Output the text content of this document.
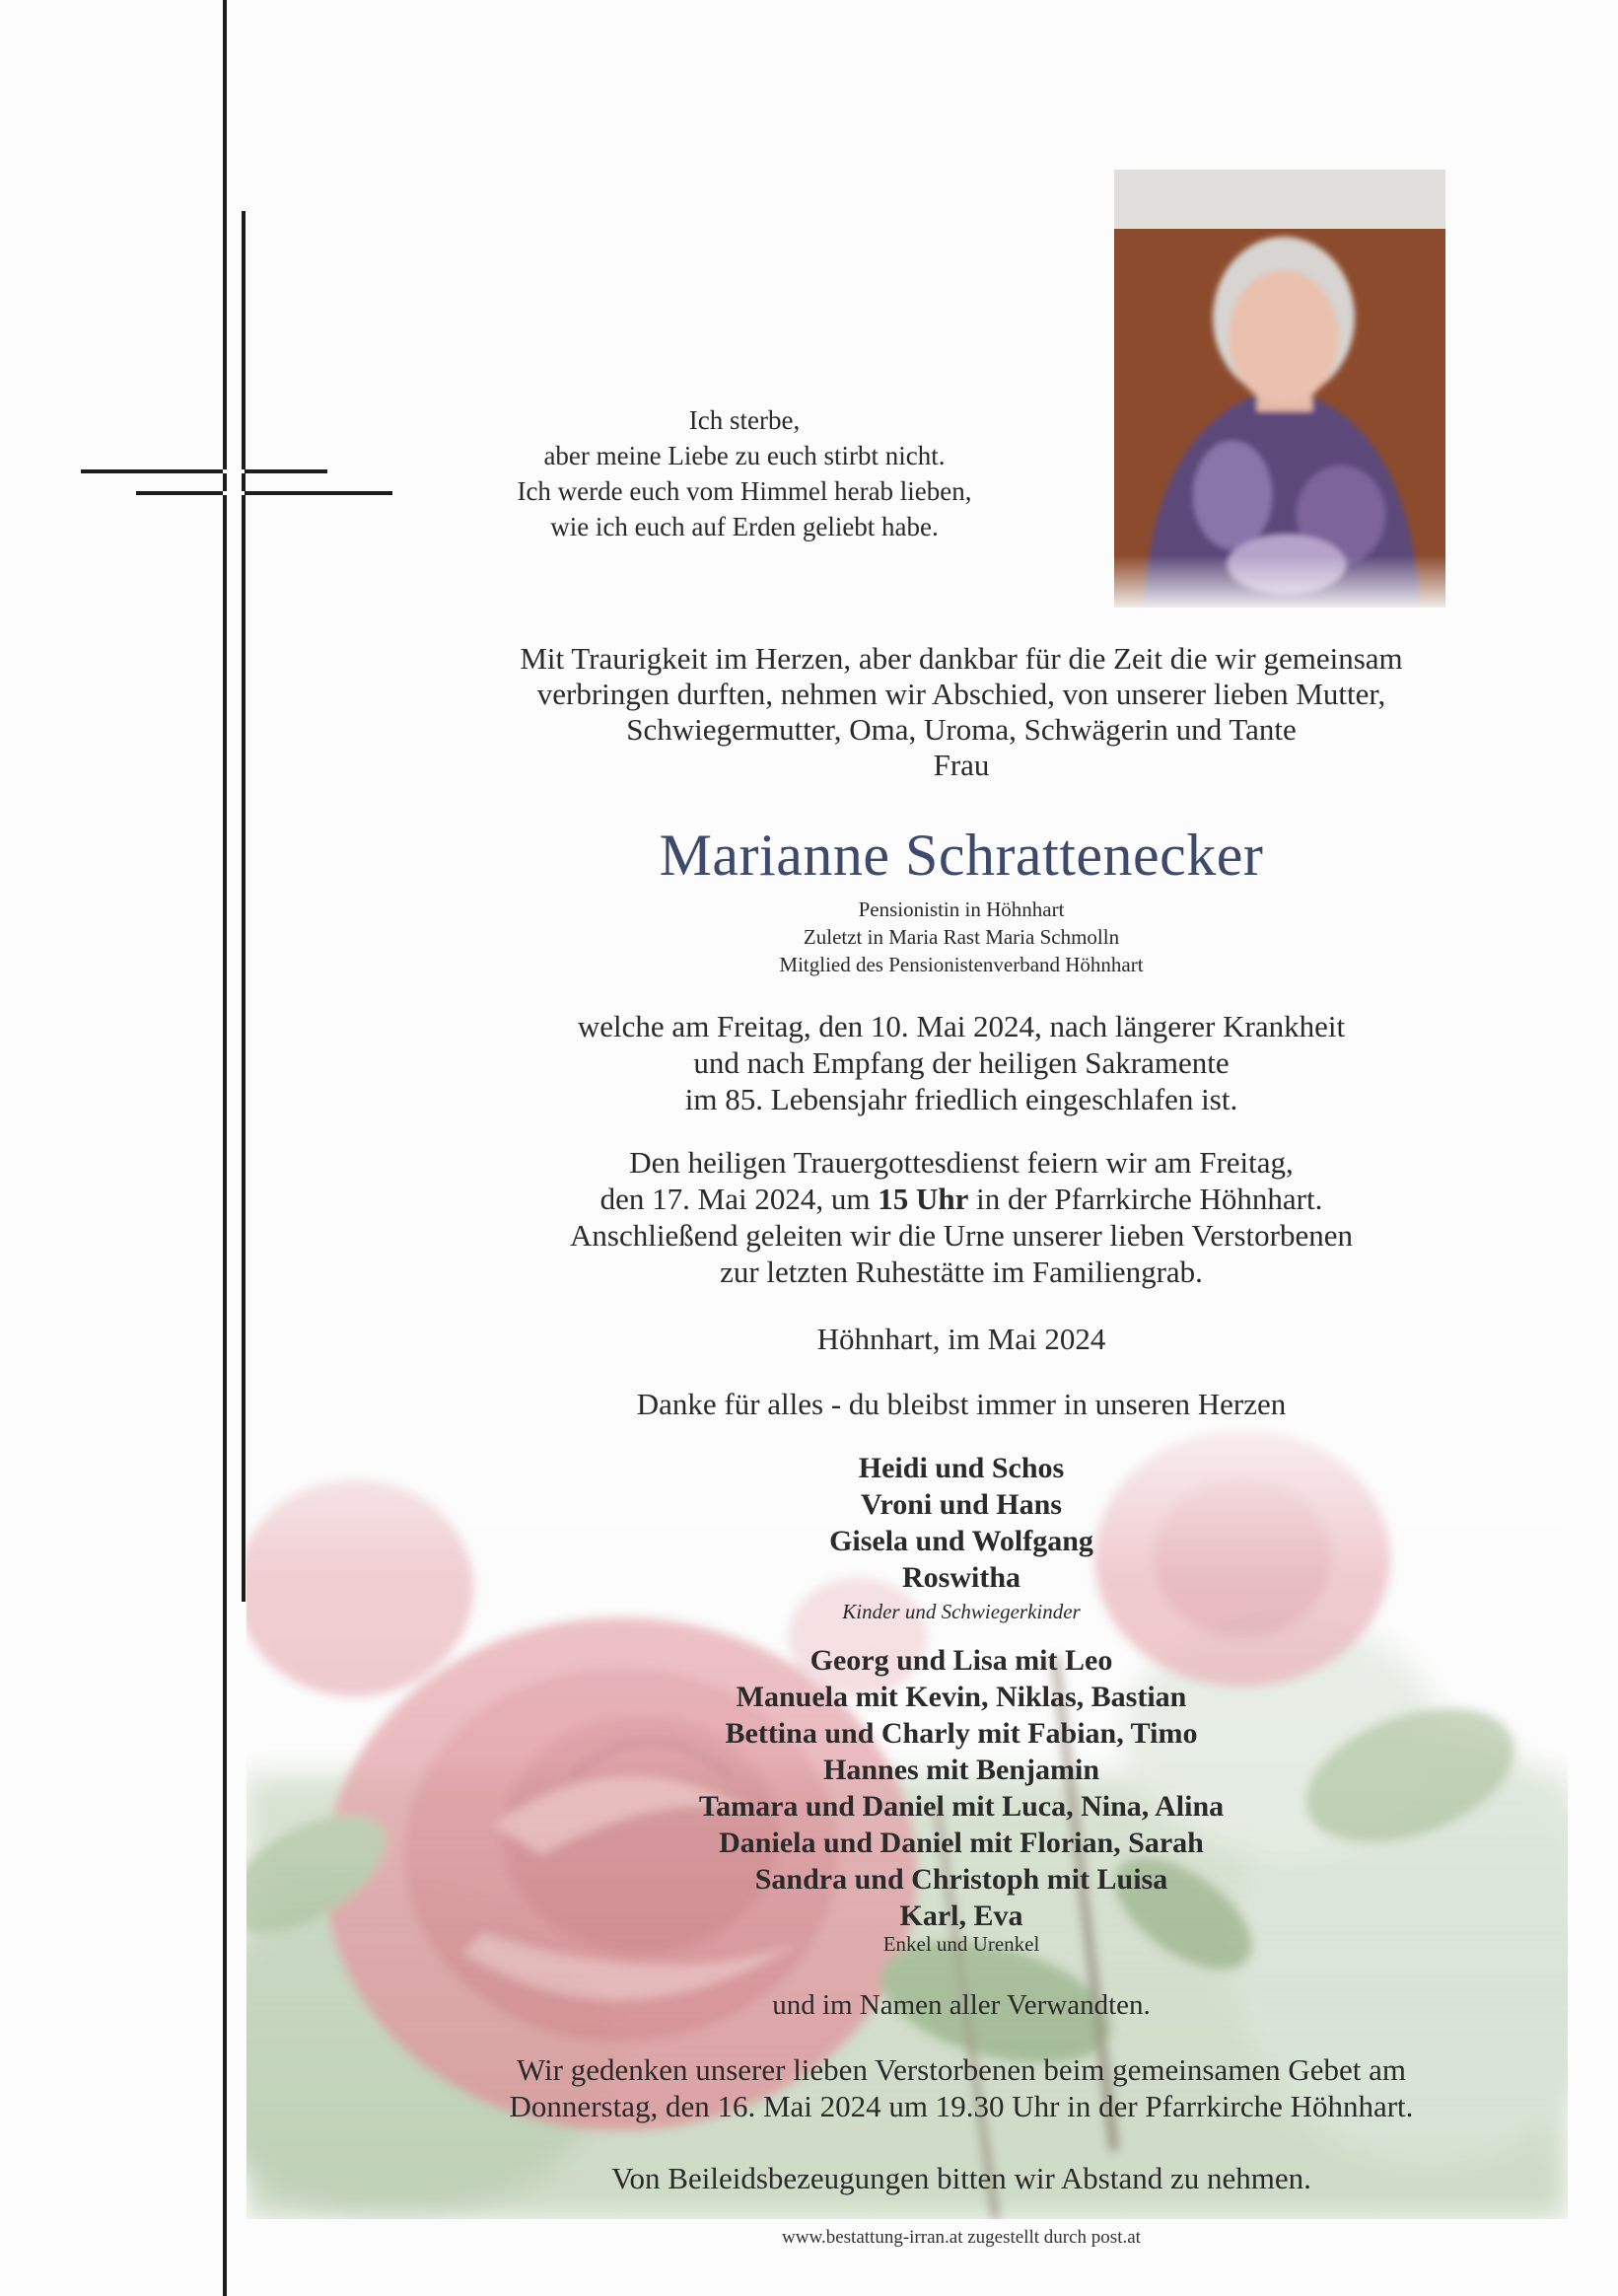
Ich sterbe,
aber meine Liebe zu euch stirbt nicht.
Ich werde euch vom Himmel herab lieben,
wie ich euch auf Erden geliebt habe.

Mit Traurigkeit im Herzen, aber dankbar für die Zeit die wir gemeinsam
verbringen durften, nehmen wir Abschied, von unserer lieben Mutter,
Schwiegermutter, Oma, Uroma, Schwägerin und Tante
Frau

Marianne Schrattenecker

Pensionistin in Höhnhart
Zuletzt in Maria Rast Maria Schmolln
Mitglied des Pensionistenverband Höhnhart

welche am Freitag, den 10. Mai 2024, nach längerer Krankheit
und nach Empfang der heiligen Sakramente
im 85. Lebensjahr friedlich eingeschlafen ist.

Den heiligen Trauergottesdienst feiern wir am Freitag,
den 17. Mai 2024, um 15 Uhr in der Pfarrkirche Höhnhart.
Anschließend geleiten wir die Urne unserer lieben Verstorbenen
zur letzten Ruhestätte im Familiengrab.

Höhnhart, im Mai 2024

Danke für alles - du bleibst immer in unseren Herzen

Heidi und Schos
Vroni und Hans
Gisela und Wolfgang
Roswitha

Kinder und Schwiegerkinder

Georg und Lisa mit Leo
Manuela mit Kevin, Niklas, Bastian
Bettina und Charly mit Fabian, Timo
Hannes mit Benjamin
Tamara und Daniel mit Luca, Nina, Alina
Daniela und Daniel mit Florian, Sarah
Sandra und Christoph mit Luisa
Karl, Eva

Enkel und Urenkel

und im Namen aller Verwandten.

Wir gedenken unserer lieben Verstorbenen beim gemeinsamen Gebet am
Donnerstag, den 16. Mai 2024 um 19.30 Uhr in der Pfarrkirche Höhnhart.

Von Beileidsbezeugungen bitten wir Abstand zu nehmen.

www.bestattung-irran.at zugestellt durch post.at
